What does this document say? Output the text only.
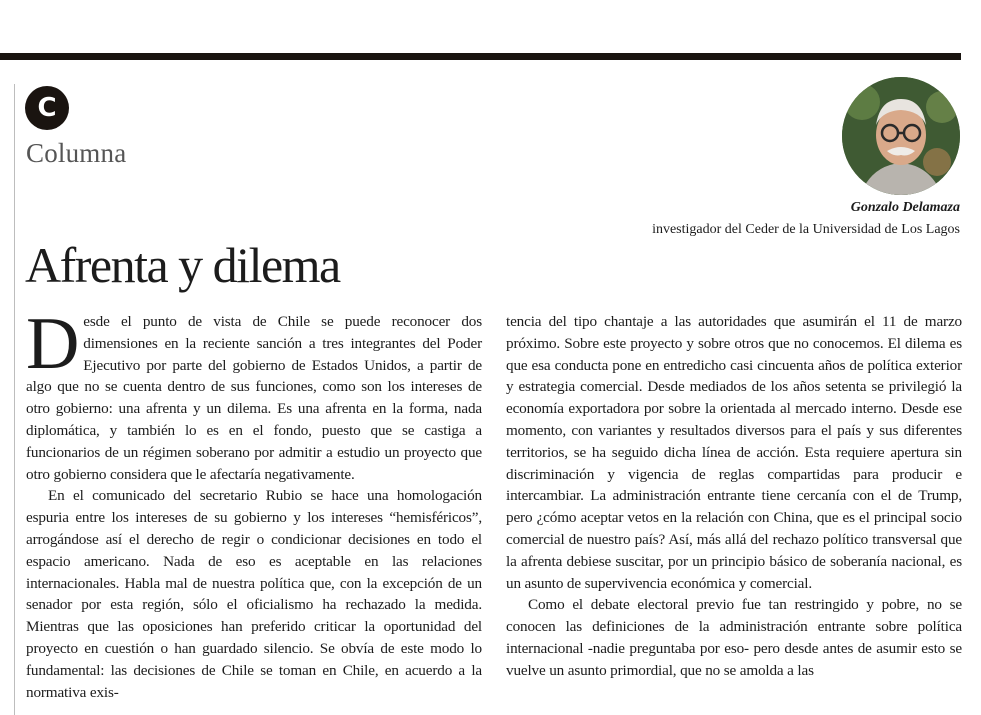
C
Columna
Gonzalo Delamaza
investigador del Ceder de la Universidad de Los Lagos
Afrenta y dilema

Desde el punto de vista de Chile se puede reconocer dos dimensiones en la reciente sanción a tres integrantes del Poder Ejecutivo por parte del gobierno de Estados Unidos, a partir de algo que no se cuenta dentro de sus funciones, como son los intereses de otro gobierno: una afrenta y un dilema. Es una afrenta en la forma, nada diplomática, y también lo es en el fondo, puesto que se castiga a funcionarios de un régimen soberano por admitir a estudio un proyecto que otro gobierno considera que le afectaría negativamente.

En el comunicado del secretario Rubio se hace una homologación espuria entre los intereses de su gobierno y los intereses “hemisféricos”, arrogándose así el derecho de regir o condicionar decisiones en todo el espacio americano. Nada de eso es aceptable en las relaciones internacionales. Habla mal de nuestra política que, con la excepción de un senador por esta región, sólo el oficialismo ha rechazado la medida. Mientras que las oposiciones han preferido criticar la oportunidad del proyecto en cuestión o han guardado silencio. Se obvía de este modo lo fundamental: las decisiones de Chile se toman en Chile, en acuerdo a la normativa exis-

tencia del tipo chantaje a las autoridades que asumirán el 11 de marzo próximo. Sobre este proyecto y sobre otros que no conocemos. El dilema es que esa conducta pone en entredicho casi cincuenta años de política exterior y estrategia comercial. Desde mediados de los años setenta se privilegió la economía exportadora por sobre la orientada al mercado interno. Desde ese momento, con variantes y resultados diversos para el país y sus diferentes territorios, se ha seguido dicha línea de acción. Esta requiere apertura sin discriminación y vigencia de reglas compartidas para producir e intercambiar. La administración entrante tiene cercanía con el de Trump, pero ¿cómo aceptar vetos en la relación con China, que es el principal socio comercial de nuestro país? Así, más allá del rechazo político transversal que la afrenta debiese suscitar, por un principio básico de soberanía nacional, es un asunto de supervivencia económica y comercial.

Como el debate electoral previo fue tan restringido y pobre, no se conocen las definiciones de la administración entrante sobre política internacional -nadie preguntaba por eso- pero desde antes de asumir esto se vuelve un asunto primordial, que no se amolda a las
